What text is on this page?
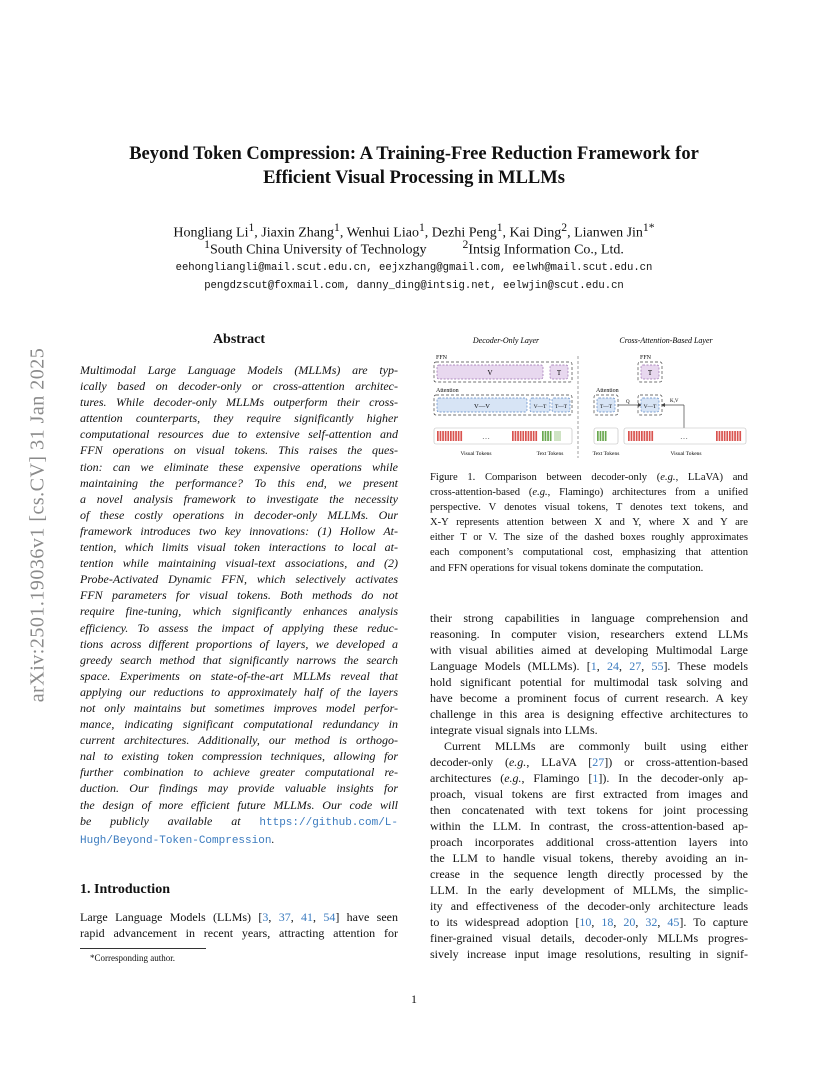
arXiv:2501.19036v1 [cs.CV] 31 Jan 2025
Beyond Token Compression: A Training-Free Reduction Framework for
Efficient Visual Processing in MLLMs
Hongliang Li$^1$, Jiaxin Zhang$^1$, Wenhui Liao$^1$, Dezhi Peng$^1$, Kai Ding$^2$, Lianwen Jin$^{1*}$
$^1$South China University of Technology	$^2$Intsig Information Co., Ltd.
eehongliangli@mail.scut.edu.cn, eejxzhang@gmail.com, eelwh@mail.scut.edu.cn
pengdzscut@foxmail.com, danny_ding@intsig.net, eelwjin@scut.edu.cn
Abstract
Multimodal Large Language Models (MLLMs) are typ-
ically based on decoder-only or cross-attention architec-
tures. While decoder-only MLLMs outperform their cross-
attention counterparts, they require significantly higher
computational resources due to extensive self-attention and
FFN operations on visual tokens. This raises the ques-
tion: can we eliminate these expensive operations while
maintaining the performance? To this end, we present
a novel analysis framework to investigate the necessity
of these costly operations in decoder-only MLLMs. Our
framework introduces two key innovations: (1) Hollow At-
tention, which limits visual token interactions to local at-
tention while maintaining visual-text associations, and (2)
Probe-Activated Dynamic FFN, which selectively activates
FFN parameters for visual tokens. Both methods do not
require fine-tuning, which significantly enhances analysis
efficiency. To assess the impact of applying these reduc-
tions across different proportions of layers, we developed a
greedy search method that significantly narrows the search
space. Experiments on state-of-the-art MLLMs reveal that
applying our reductions to approximately half of the layers
not only maintains but sometimes improves model perfor-
mance, indicating significant computational redundancy in
current architectures. Additionally, our method is orthogo-
nal to existing token compression techniques, allowing for
further combination to achieve greater computational re-
duction. Our findings may provide valuable insights for
the design of more efficient future MLLMs. Our code will
be publicly available at https://github.com/L-
Hugh/Beyond-Token-Compression.
1. Introduction
Large Language Models (LLMs) [3, 37, 41, 54] have seen
rapid advancement in recent years, attracting attention for
*Corresponding author.
Decoder-Only Layer	Cross-Attention-Based Layer
FFN
V	T
Attention
V—V	V—T T—T
…
Visual Tokens	Text Tokens
FFN
T
Attention
T—T
Q
V—T
K,V
…
Text Tokens	Visual Tokens
Figure 1. Comparison between decoder-only (e.g., LLaVA) and
cross-attention-based (e.g., Flamingo) architectures from a unified
perspective. V denotes visual tokens, T denotes text tokens, and
X-Y represents attention between X and Y, where X and Y are
either T or V. The size of the dashed boxes roughly approximates
each component’s computational cost, emphasizing that attention
and FFN operations for visual tokens dominate the computation.
their strong capabilities in language comprehension and
reasoning. In computer vision, researchers extend LLMs
with visual abilities aimed at developing Multimodal Large
Language Models (MLLMs). [1, 24, 27, 55]. These models
hold significant potential for multimodal task solving and
have become a prominent focus of current research. A key
challenge in this area is designing effective architectures to
integrate visual signals into LLMs.
Current MLLMs are commonly built using either
decoder-only (e.g., LLaVA [27]) or cross-attention-based
architectures (e.g., Flamingo [1]). In the decoder-only ap-
proach, visual tokens are first extracted from images and
then concatenated with text tokens for joint processing
within the LLM. In contrast, the cross-attention-based ap-
proach incorporates additional cross-attention layers into
the LLM to handle visual tokens, thereby avoiding an in-
crease in the sequence length directly processed by the
LLM. In the early development of MLLMs, the simplic-
ity and effectiveness of the decoder-only architecture leads
to its widespread adoption [10, 18, 20, 32, 45]. To capture
finer-grained visual details, decoder-only MLLMs progres-
sively increase input image resolutions, resulting in signif-
1
